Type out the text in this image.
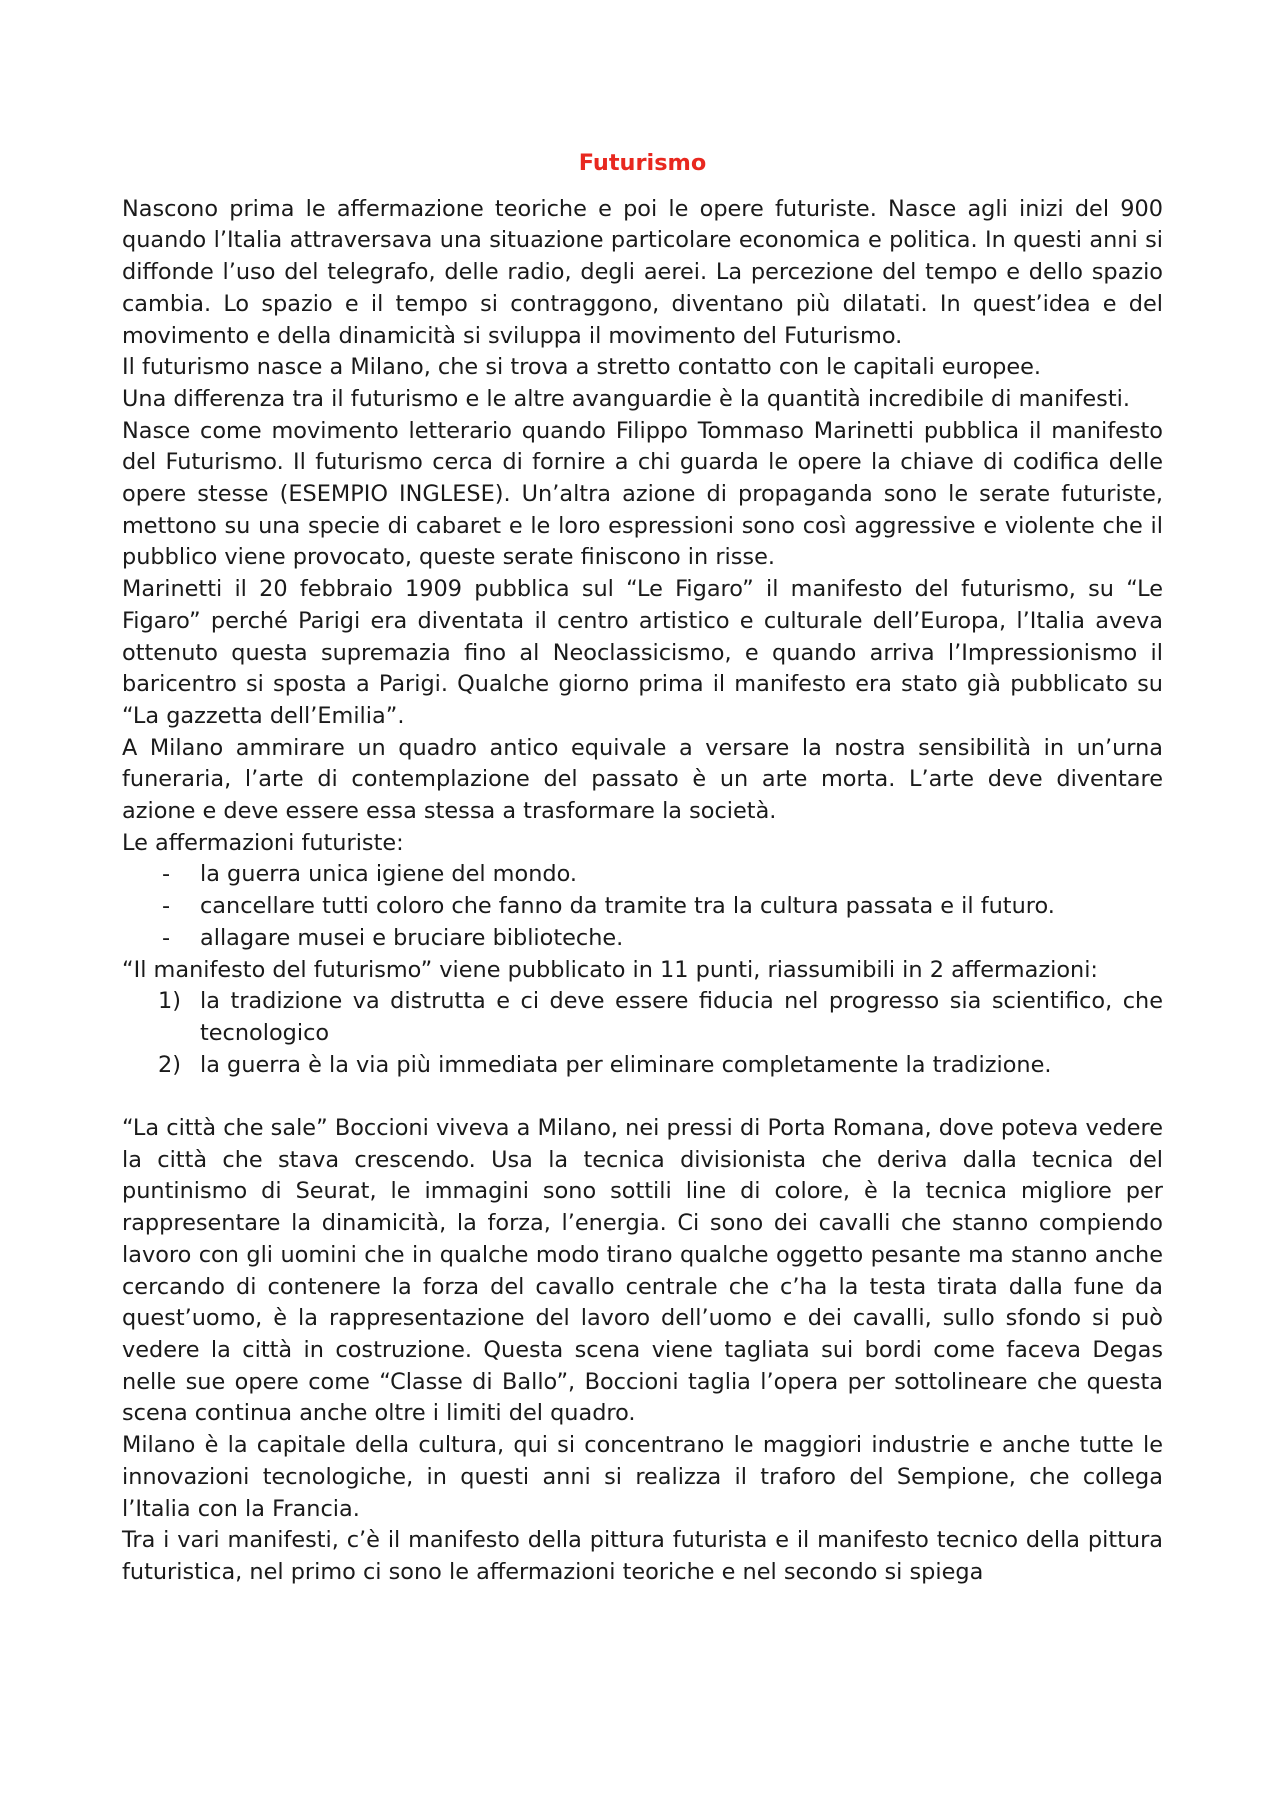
Futurismo

Nascono prima le affermazione teoriche e poi le opere futuriste. Nasce agli inizi del 900 quando l’Italia attraversava una situazione particolare economica e politica. In questi anni si diffonde l’uso del telegrafo, delle radio, degli aerei. La percezione del tempo e dello spazio cambia. Lo spazio e il tempo si contraggono, diventano più dilatati. In quest’idea e del movimento e della dinamicità si sviluppa il movimento del Futurismo.

Il futurismo nasce a Milano, che si trova a stretto contatto con le capitali europee.

Una differenza tra il futurismo e le altre avanguardie è la quantità incredibile di manifesti.

Nasce come movimento letterario quando Filippo Tommaso Marinetti pubblica il manifesto del Futurismo. Il futurismo cerca di fornire a chi guarda le opere la chiave di codifica delle opere stesse (ESEMPIO INGLESE). Un’altra azione di propaganda sono le serate futuriste, mettono su una specie di cabaret e le loro espressioni sono così aggressive e violente che il pubblico viene provocato, queste serate finiscono in risse.

Marinetti il 20 febbraio 1909 pubblica sul “Le Figaro” il manifesto del futurismo, su “Le Figaro” perché Parigi era diventata il centro artistico e culturale dell’Europa, l’Italia aveva ottenuto questa supremazia fino al Neoclassicismo, e quando arriva l’Impressionismo il baricentro si sposta a Parigi. Qualche giorno prima il manifesto era stato già pubblicato su “La gazzetta dell’Emilia”.

A Milano ammirare un quadro antico equivale a versare la nostra sensibilità in un’urna funeraria, l’arte di contemplazione del passato è un arte morta. L’arte deve diventare azione e deve essere essa stessa a trasformare la società.

Le affermazioni futuriste:

- la guerra unica igiene del mondo.
- cancellare tutti coloro che fanno da tramite tra la cultura passata e il futuro.
- allagare musei e bruciare biblioteche.

“Il manifesto del futurismo” viene pubblicato in 11 punti, riassumibili in 2 affermazioni:

1) la tradizione va distrutta e ci deve essere fiducia nel progresso sia scientifico, che tecnologico
2) la guerra è la via più immediata per eliminare completamente la tradizione.

“La città che sale” Boccioni viveva a Milano, nei pressi di Porta Romana, dove poteva vedere la città che stava crescendo. Usa la tecnica divisionista che deriva dalla tecnica del puntinismo di Seurat, le immagini sono sottili line di colore, è la tecnica migliore per rappresentare la dinamicità, la forza, l’energia. Ci sono dei cavalli che stanno compiendo lavoro con gli uomini che in qualche modo tirano qualche oggetto pesante ma stanno anche cercando di contenere la forza del cavallo centrale che c’ha la testa tirata dalla fune da quest’uomo, è la rappresentazione del lavoro dell’uomo e dei cavalli, sullo sfondo si può vedere la città in costruzione. Questa scena viene tagliata sui bordi come faceva Degas nelle sue opere come “Classe di Ballo”, Boccioni taglia l’opera per sottolineare che questa scena continua anche oltre i limiti del quadro.

Milano è la capitale della cultura, qui si concentrano le maggiori industrie e anche tutte le innovazioni tecnologiche, in questi anni si realizza il traforo del Sempione, che collega l’Italia con la Francia.

Tra i vari manifesti, c’è il manifesto della pittura futurista e il manifesto tecnico della pittura futuristica, nel primo ci sono le affermazioni teoriche e nel secondo si spiega
